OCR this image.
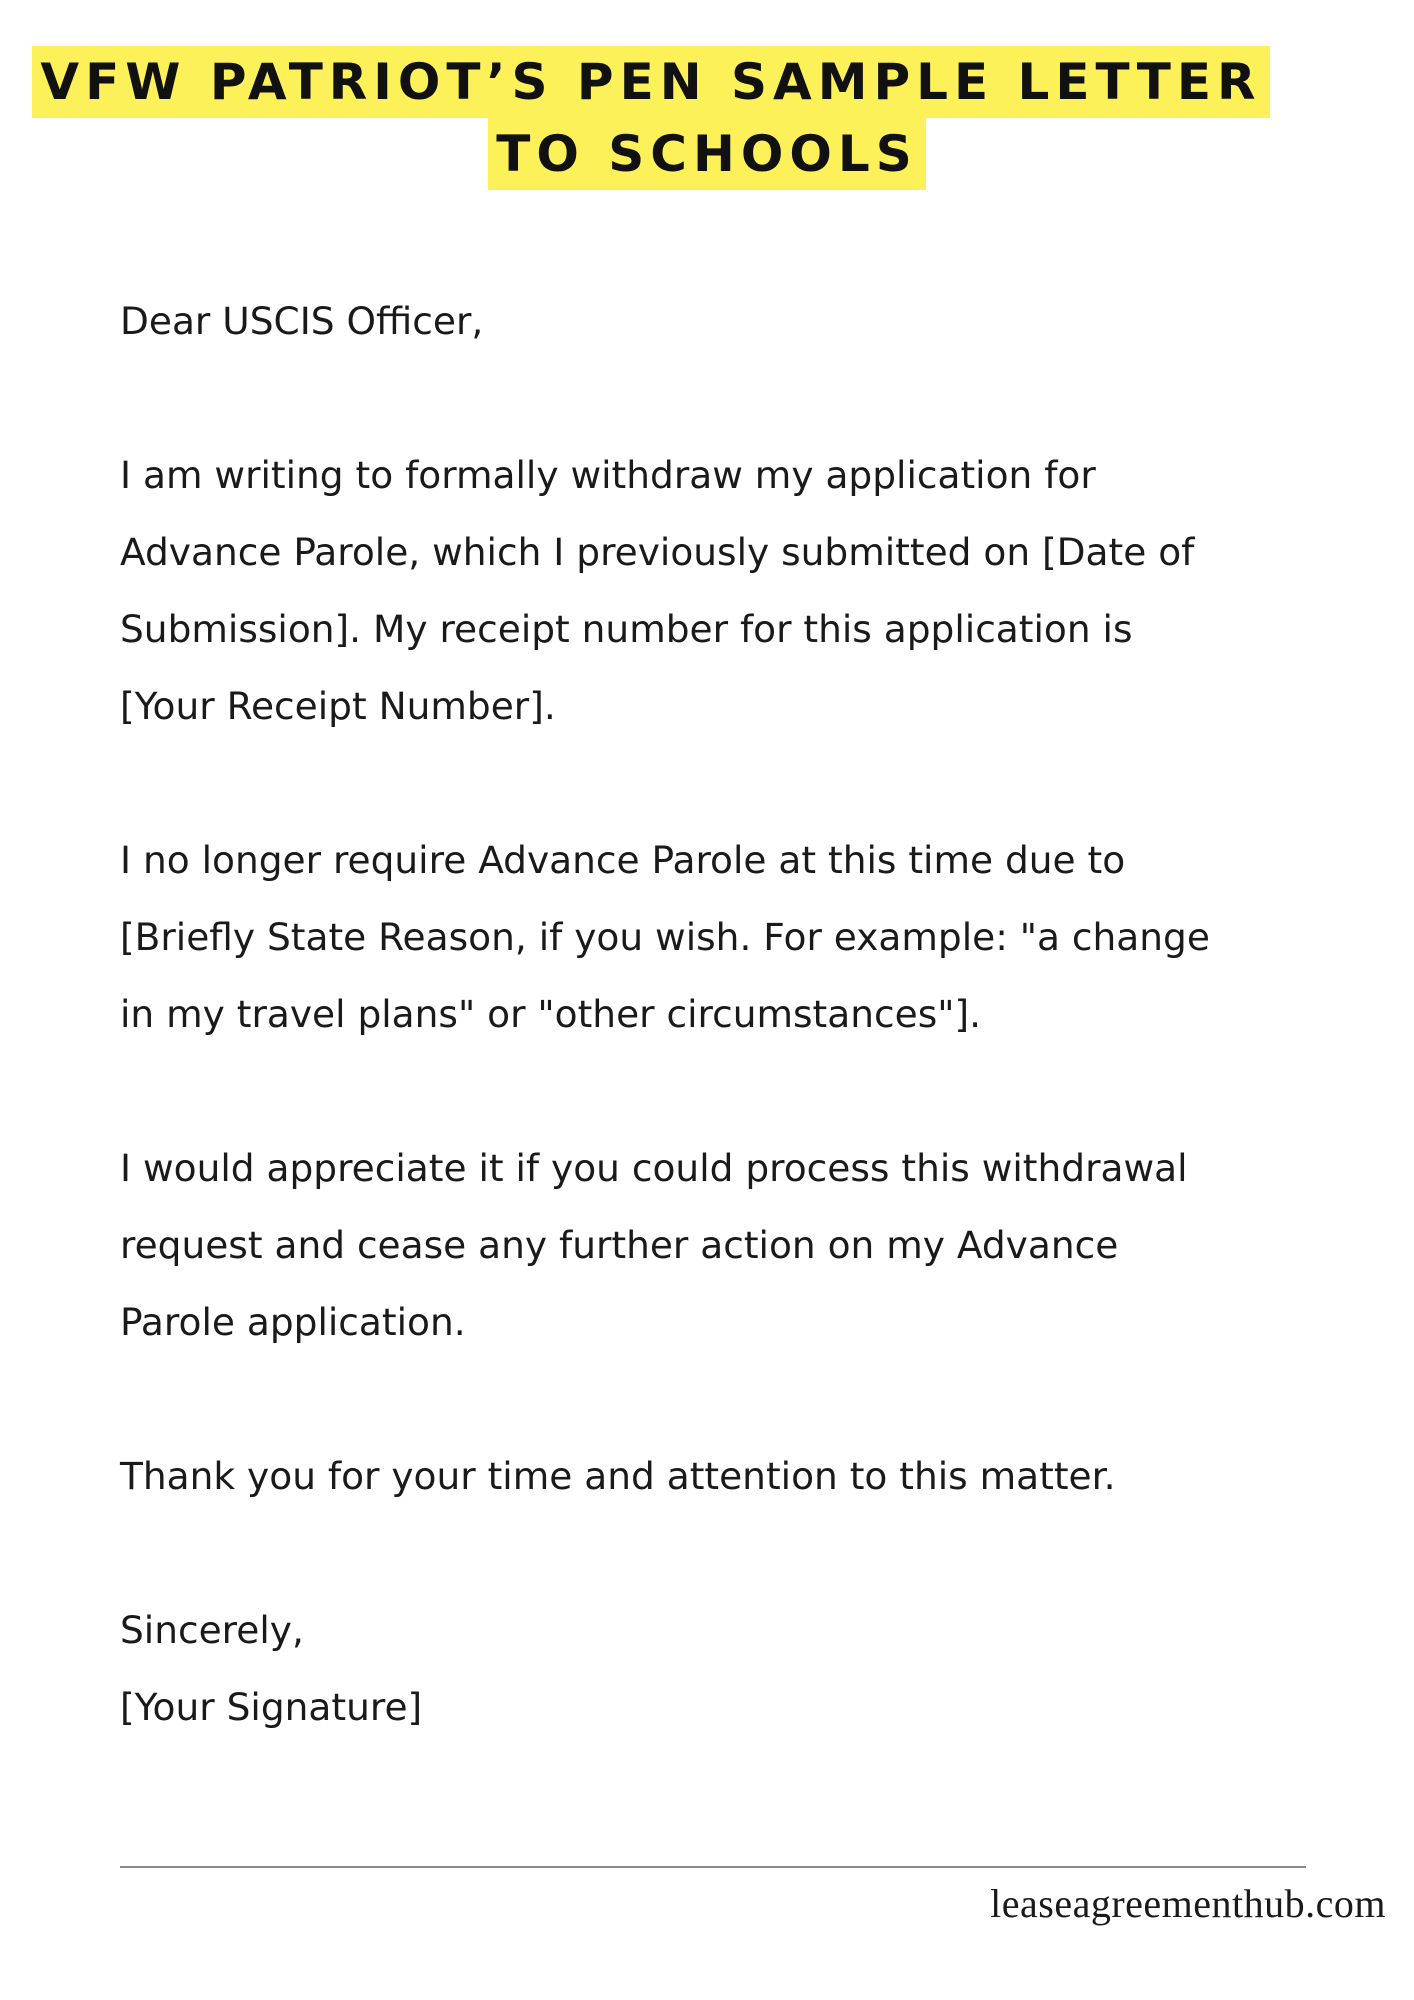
VFW PATRIOT’S PEN SAMPLE LETTER
TO SCHOOLS
Dear USCIS Officer,
I am writing to formally withdraw my application for
Advance Parole, which I previously submitted on [Date of
Submission]. My receipt number for this application is
[Your Receipt Number].
I no longer require Advance Parole at this time due to
[Briefly State Reason, if you wish. For example: "a change
in my travel plans" or "other circumstances"].
I would appreciate it if you could process this withdrawal
request and cease any further action on my Advance
Parole application.
Thank you for your time and attention to this matter.
Sincerely,
[Your Signature]
leaseagreementhub.com
